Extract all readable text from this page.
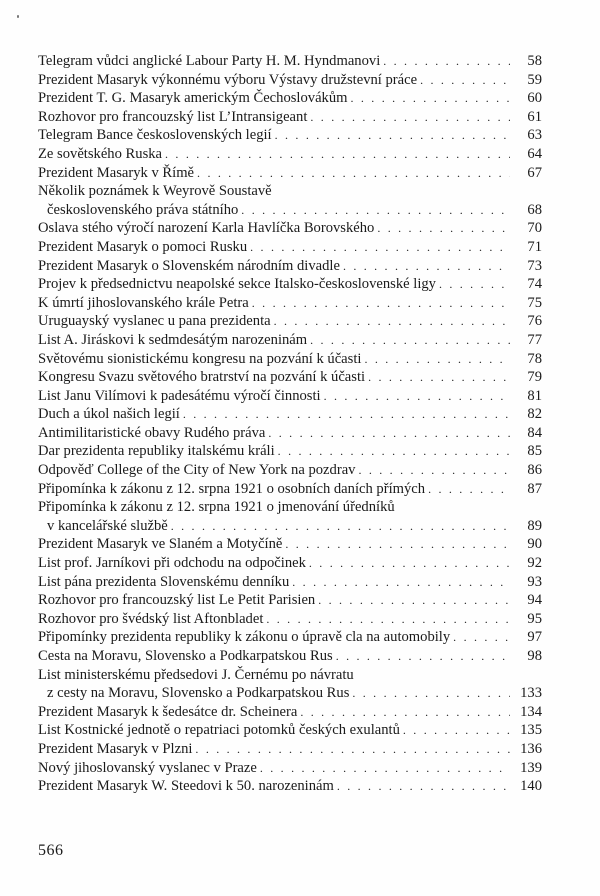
Telegram vůdci anglické Labour Party H. M. Hyndmanovi . . .	58
Prezident Masaryk výkonnému výboru Výstavy družstevní práce . . .	59
Prezident T. G. Masaryk americkým Čechoslovákům . . .	60
Rozhovor pro francouzský list L’Intransigeant . . .	61
Telegram Bance československých legií . . .	63
Ze sovětského Ruska . . .	64
Prezident Masaryk v Římě . . .	67
Několik poznámek k Weyrově Soustavě
československého práva státního . . .	68
Oslava stého výročí narození Karla Havlíčka Borovského . . .	70
Prezident Masaryk o pomoci Rusku . . .	71
Prezident Masaryk o Slovenském národním divadle . . .	73
Projev k předsednictvu neapolské sekce Italsko-československé ligy . . .	74
K úmrtí jihoslovanského krále Petra . . .	75
Uruguayský vyslanec u pana prezidenta . . .	76
List A. Jiráskovi k sedmdesátým narozeninám . . .	77
Světovému sionistickému kongresu na pozvání k účasti . . .	78
Kongresu Svazu světového bratrství na pozvání k účasti . . .	79
List Janu Vilímovi k padesátému výročí činnosti . . .	81
Duch a úkol našich legií . . .	82
Antimilitaristické obavy Rudého práva . . .	84
Dar prezidenta republiky italskému králi . . .	85
Odpověď College of the City of New York na pozdrav . . .	86
Připomínka k zákonu z 12. srpna 1921 o osobních daních přímých . . .	87
Připomínka k zákonu z 12. srpna 1921 o jmenování úředníků
v kancelářské službě . . .	89
Prezident Masaryk ve Slaném a Motyčíně . . .	90
List prof. Jarníkovi při odchodu na odpočinek . . .	92
List pána prezidenta Slovenskému denníku . . .	93
Rozhovor pro francouzský list Le Petit Parisien . . .	94
Rozhovor pro švédský list Aftonbladet . . .	95
Připomínky prezidenta republiky k zákonu o úpravě cla na automobily . . .	97
Cesta na Moravu, Slovensko a Podkarpatskou Rus . . .	98
List ministerskému předsedovi J. Černému po návratu
z cesty na Moravu, Slovensko a Podkarpatskou Rus . . .	133
Prezident Masaryk k šedesátce dr. Scheinera . . .	134
List Kostnické jednotě o repatriaci potomků českých exulantů . . .	135
Prezident Masaryk v Plzni . . .	136
Nový jihoslovanský vyslanec v Praze . . .	139
Prezident Masaryk W. Steedovi k 50. narozeninám . . .	140
566
